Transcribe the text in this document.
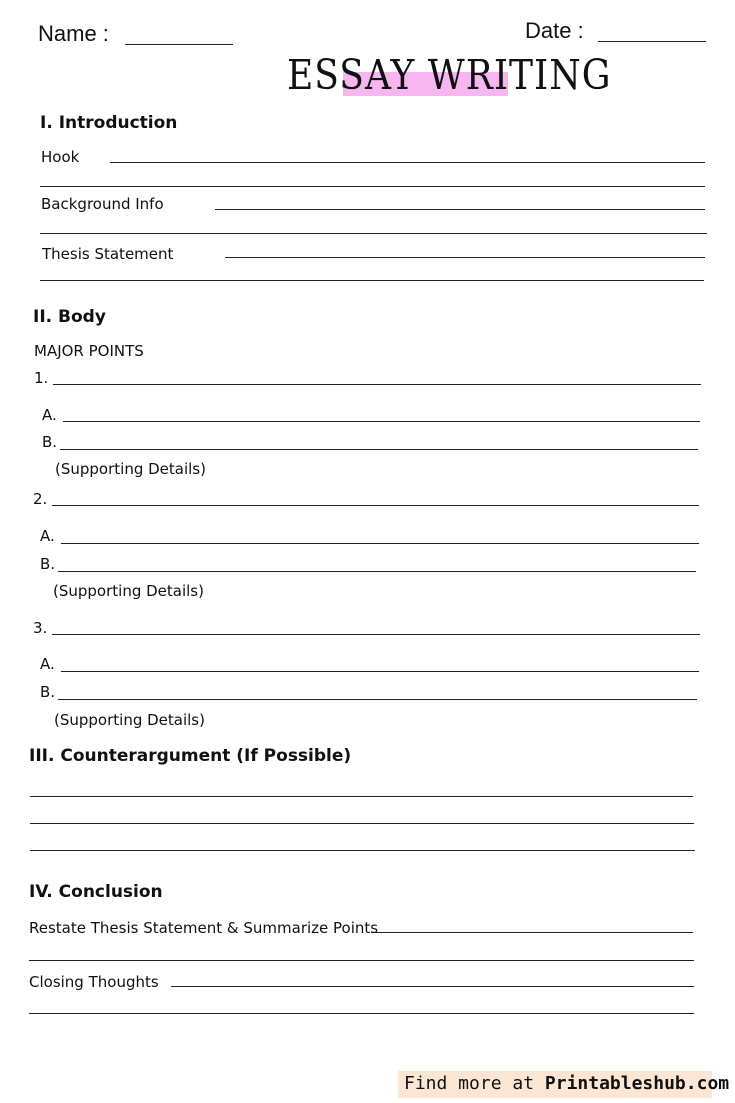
Name :	Date :
ESSAY WRITING
I. Introduction
Hook
Background Info
Thesis Statement
II. Body
MAJOR POINTS
1.
A.
B.
(Supporting Details)
2.
A.
B.
(Supporting Details)
3.
A.
B.
(Supporting Details)
III. Counterargument (If Possible)
IV. Conclusion
Restate Thesis Statement & Summarize Points
Closing Thoughts
Find more at Printableshub.com
